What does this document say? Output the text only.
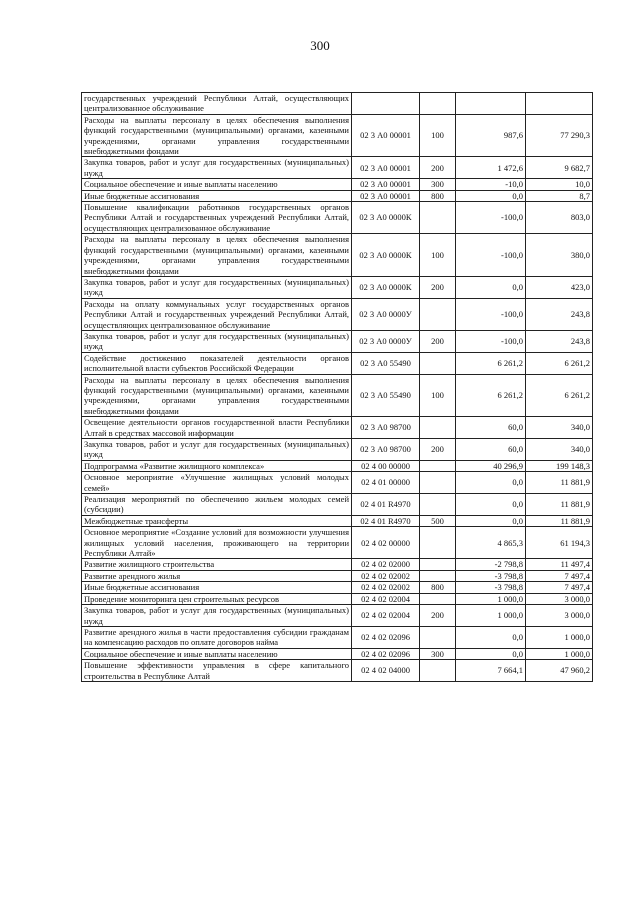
300
государственных учреждений Республики Алтай, осуществляющих централизованное обслуживание				
Расходы на выплаты персоналу в целях обеспечения выполнения функций государственными (муниципальными) органами, казенными учреждениями, органами управления государственными внебюджетными фондами	02 3 А0 00001	100	987,6	77 290,3
Закупка товаров, работ и услуг для государственных (муниципальных) нужд	02 3 А0 00001	200	1 472,6	9 682,7
Социальное обеспечение и иные выплаты населению	02 3 А0 00001	300	-10,0	10,0
Иные бюджетные ассигнования	02 3 А0 00001	800	0,0	8,7
Повышение квалификации работников государственных органов Республики Алтай и государственных учреждений Республики Алтай, осуществляющих централизованное обслуживание	02 3 А0 0000К		-100,0	803,0
Расходы на выплаты персоналу в целях обеспечения выполнения функций государственными (муниципальными) органами, казенными учреждениями, органами управления государственными внебюджетными фондами	02 3 А0 0000К	100	-100,0	380,0
Закупка товаров, работ и услуг для государственных (муниципальных) нужд	02 3 А0 0000К	200	0,0	423,0
Расходы на оплату коммунальных услуг государственных органов Республики Алтай и государственных учреждений Республики Алтай, осуществляющих централизованное обслуживание	02 3 А0 0000У		-100,0	243,8
Закупка товаров, работ и услуг для государственных (муниципальных) нужд	02 3 А0 0000У	200	-100,0	243,8
Содействие достижению показателей деятельности органов исполнительной власти субъектов Российской Федерации	02 3 А0 55490		6 261,2	6 261,2
Расходы на выплаты персоналу в целях обеспечения выполнения функций государственными (муниципальными) органами, казенными учреждениями, органами управления государственными внебюджетными фондами	02 3 А0 55490	100	6 261,2	6 261,2
Освещение деятельности органов государственной власти Республики Алтай в средствах массовой информации	02 3 А0 98700		60,0	340,0
Закупка товаров, работ и услуг для государственных (муниципальных) нужд	02 3 А0 98700	200	60,0	340,0
Подпрограмма «Развитие жилищного комплекса»	02 4 00 00000		40 296,9	199 148,3
Основное мероприятие «Улучшение жилищных условий молодых семей»	02 4 01 00000		0,0	11 881,9
Реализация мероприятий по обеспечению жильем молодых семей (субсидии)	02 4 01 R4970		0,0	11 881,9
Межбюджетные трансферты	02 4 01 R4970	500	0,0	11 881,9
Основное мероприятие «Создание условий для возможности улучшения жилищных условий населения, проживающего на территории Республики Алтай»	02 4 02 00000		4 865,3	61 194,3
Развитие жилищного строительства	02 4 02 02000		-2 798,8	11 497,4
Развитие арендного жилья	02 4 02 02002		-3 798,8	7 497,4
Иные бюджетные ассигнования	02 4 02 02002	800	-3 798,8	7 497,4
Проведение мониторинга цен строительных ресурсов	02 4 02 02004		1 000,0	3 000,0
Закупка товаров, работ и услуг для государственных (муниципальных) нужд	02 4 02 02004	200	1 000,0	3 000,0
Развитие арендного жилья в части предоставления субсидии гражданам на компенсацию расходов по оплате договоров найма	02 4 02 02096		0,0	1 000,0
Социальное обеспечение и иные выплаты населению	02 4 02 02096	300	0,0	1 000,0
Повышение эффективности управления в сфере капитального строительства в Республике Алтай	02 4 02 04000		7 664,1	47 960,2
